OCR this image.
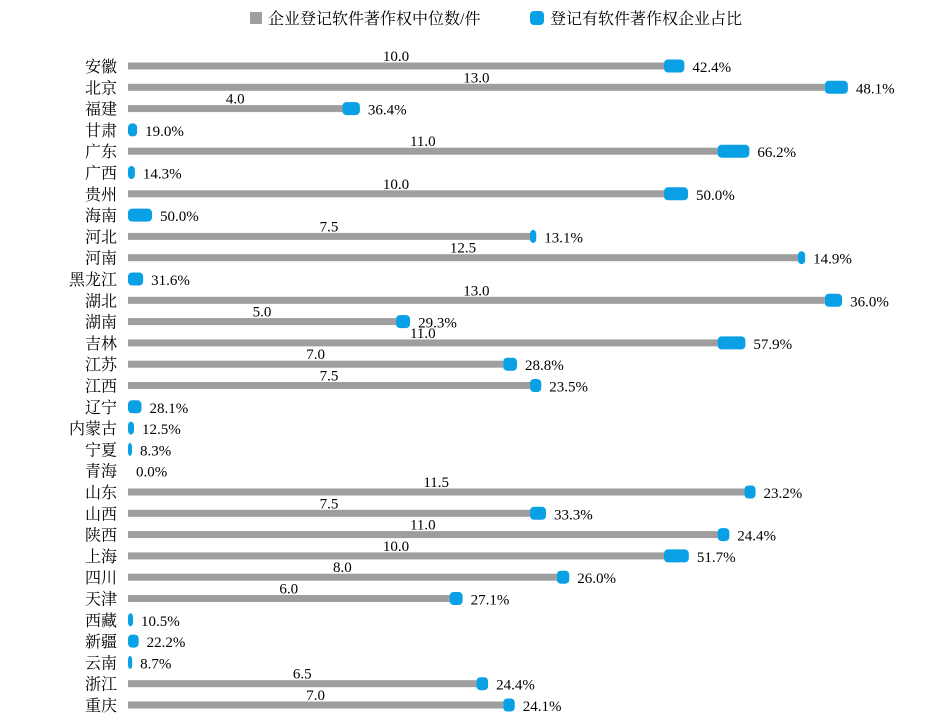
企业登记软件著作权中位数/件	登记有软件著作权企业占比
安徽
10.0
42.4%
北京
13.0
48.1%
福建
4.0
36.4%
甘肃 19.0%
广东
11.0
66.2%
广西 14.3%
贵州
10.0
50.0%
海南	50.0%
河北
7.5
13.1%
河南
12.5
14.9%
黑龙江 31.6%
湖北
13.0
36.0%
湖南
5.0
29.3%
吉林
11.0
57.9%
江苏
7.0
28.8%
江西
7.5
23.5%
辽宁 28.1%
内蒙古 12.5%
宁夏 8.3%
青海 0.0%
山东
11.5
23.2%
山西
7.5
33.3%
陕西
11.0
24.4%
上海
10.0
51.7%
四川
8.0
26.0%
天津
6.0
27.1%
西藏 10.5%
新疆 22.2%
云南 8.7%
浙江
6.5
24.4%
重庆
7.0
24.1%
